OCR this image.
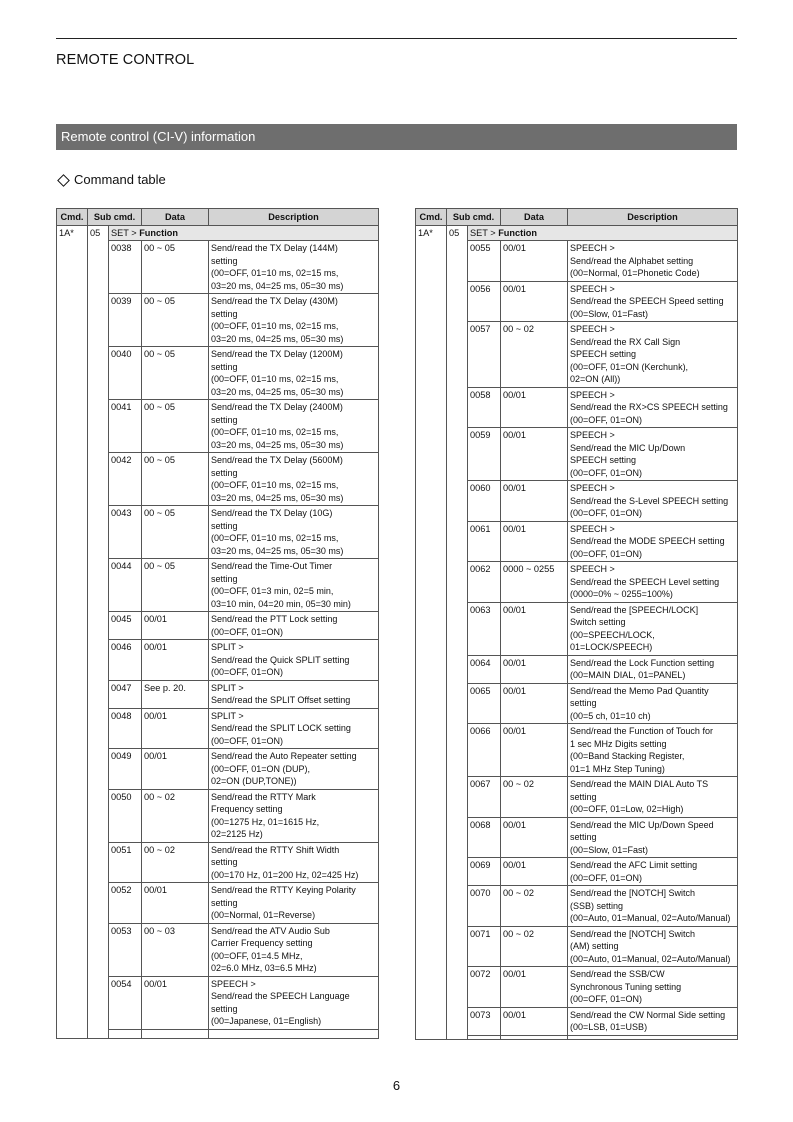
REMOTE CONTROL
Remote control (CI-V) information
Command table
Cmd.	Sub cmd.		Data	Description
1A*	05	SET > Function		
		0038	00 ~ 05	Send/read the TX Delay (144M)
setting
(00=OFF, 01=10 ms, 02=15 ms,
03=20 ms, 04=25 ms, 05=30 ms)
		0039	00 ~ 05	Send/read the TX Delay (430M)
setting
(00=OFF, 01=10 ms, 02=15 ms,
03=20 ms, 04=25 ms, 05=30 ms)
		0040	00 ~ 05	Send/read the TX Delay (1200M)
setting
(00=OFF, 01=10 ms, 02=15 ms,
03=20 ms, 04=25 ms, 05=30 ms)
		0041	00 ~ 05	Send/read the TX Delay (2400M)
setting
(00=OFF, 01=10 ms, 02=15 ms,
03=20 ms, 04=25 ms, 05=30 ms)
		0042	00 ~ 05	Send/read the TX Delay (5600M)
setting
(00=OFF, 01=10 ms, 02=15 ms,
03=20 ms, 04=25 ms, 05=30 ms)
		0043	00 ~ 05	Send/read the TX Delay (10G)
setting
(00=OFF, 01=10 ms, 02=15 ms,
03=20 ms, 04=25 ms, 05=30 ms)
		0044	00 ~ 05	Send/read the Time-Out Timer
setting
(00=OFF, 01=3 min, 02=5 min,
03=10 min, 04=20 min, 05=30 min)
		0045	00/01	Send/read the PTT Lock setting
(00=OFF, 01=ON)
		0046	00/01	SPLIT >
Send/read the Quick SPLIT setting
(00=OFF, 01=ON)
		0047	See p. 20.	SPLIT >
Send/read the SPLIT Offset setting
		0048	00/01	SPLIT >
Send/read the SPLIT LOCK setting
(00=OFF, 01=ON)
		0049	00/01	Send/read the Auto Repeater setting
(00=OFF, 01=ON (DUP),
02=ON (DUP,TONE))
		0050	00 ~ 02	Send/read the RTTY Mark
Frequency setting
(00=1275 Hz, 01=1615 Hz,
02=2125 Hz)
		0051	00 ~ 02	Send/read the RTTY Shift Width
setting
(00=170 Hz, 01=200 Hz, 02=425 Hz)
		0052	00/01	Send/read the RTTY Keying Polarity
setting
(00=Normal, 01=Reverse)
		0053	00 ~ 03	Send/read the ATV Audio Sub
Carrier Frequency setting
(00=OFF, 01=4.5 MHz,
02=6.0 MHz, 03=6.5 MHz)
		0054	00/01	SPEECH >
Send/read the SPEECH Language
setting
(00=Japanese, 01=English)

Cmd.	Sub cmd.		Data	Description
1A*	05	SET > Function		
		0055	00/01	SPEECH >
Send/read the Alphabet setting
(00=Normal, 01=Phonetic Code)
		0056	00/01	SPEECH >
Send/read the SPEECH Speed setting
(00=Slow, 01=Fast)
		0057	00 ~ 02	SPEECH >
Send/read the RX Call Sign
SPEECH setting
(00=OFF, 01=ON (Kerchunk),
02=ON (All))
		0058	00/01	SPEECH >
Send/read the RX>CS SPEECH setting
(00=OFF, 01=ON)
		0059	00/01	SPEECH >
Send/read the MIC Up/Down
SPEECH setting
(00=OFF, 01=ON)
		0060	00/01	SPEECH >
Send/read the S-Level SPEECH setting
(00=OFF, 01=ON)
		0061	00/01	SPEECH >
Send/read the MODE SPEECH setting
(00=OFF, 01=ON)
		0062	0000 ~ 0255	SPEECH >
Send/read the SPEECH Level setting
(0000=0% ~ 0255=100%)
		0063	00/01	Send/read the [SPEECH/LOCK]
Switch setting
(00=SPEECH/LOCK,
01=LOCK/SPEECH)
		0064	00/01	Send/read the Lock Function setting
(00=MAIN DIAL, 01=PANEL)
		0065	00/01	Send/read the Memo Pad Quantity
setting
(00=5 ch, 01=10 ch)
		0066	00/01	Send/read the Function of Touch for
1 sec MHz Digits setting
(00=Band Stacking Register,
01=1 MHz Step Tuning)
		0067	00 ~ 02	Send/read the MAIN DIAL Auto TS
setting
(00=OFF, 01=Low, 02=High)
		0068	00/01	Send/read the MIC Up/Down Speed
setting
(00=Slow, 01=Fast)
		0069	00/01	Send/read the AFC Limit setting
(00=OFF, 01=ON)
		0070	00 ~ 02	Send/read the [NOTCH] Switch
(SSB) setting
(00=Auto, 01=Manual, 02=Auto/Manual)
		0071	00 ~ 02	Send/read the [NOTCH] Switch
(AM) setting
(00=Auto, 01=Manual, 02=Auto/Manual)
		0072	00/01	Send/read the SSB/CW
Synchronous Tuning setting
(00=OFF, 01=ON)
		0073	00/01	Send/read the CW Normal Side setting
(00=LSB, 01=USB)

6
